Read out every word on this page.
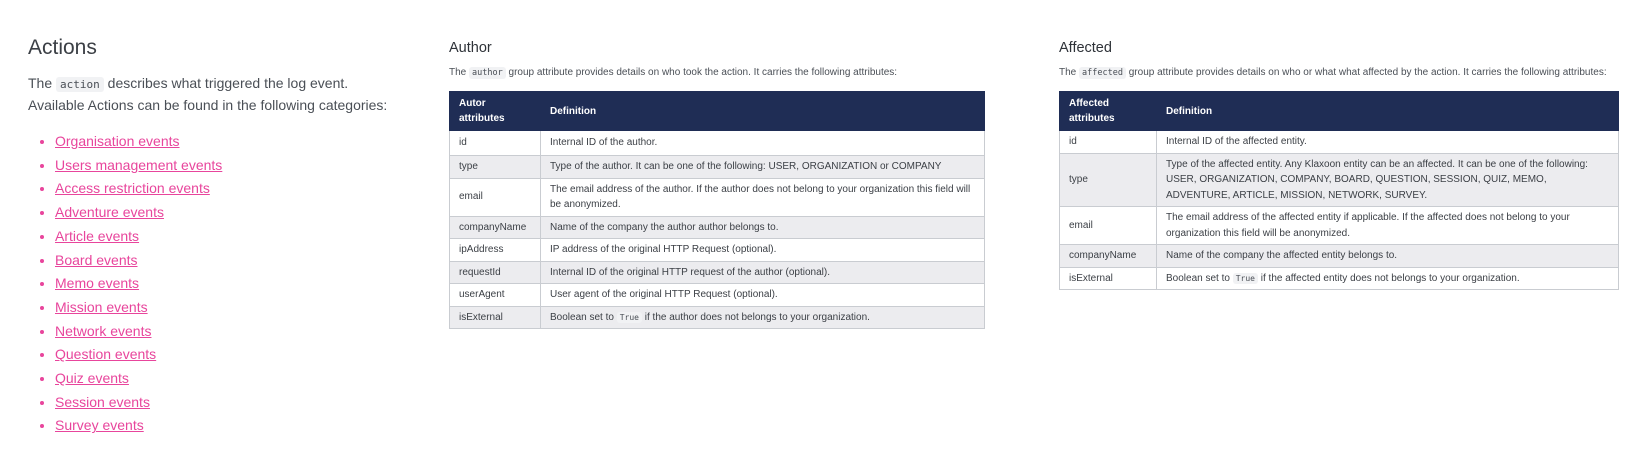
Actions

The action describes what triggered the log event.
Available Actions can be found in the following categories:

• Organisation events
• Users management events
• Access restriction events
• Adventure events
• Article events
• Board events
• Memo events
• Mission events
• Network events
• Question events
• Quiz events
• Session events
• Survey events
Author

The author group attribute provides details on who took the action. It carries the following attributes:

Autor attributes	Definition
id	Internal ID of the author.
type	Type of the author. It can be one of the following: USER, ORGANIZATION or COMPANY
email	The email address of the author. If the author does not belong to your organization this field will be anonymized.
companyName	Name of the company the author author belongs to.
ipAddress	IP address of the original HTTP Request (optional).
requestId	Internal ID of the original HTTP request of the author (optional).
userAgent	User agent of the original HTTP Request (optional).
isExternal	Boolean set to True if the author does not belongs to your organization.
Affected

The affected group attribute provides details on who or what what affected by the action. It carries the following attributes:

Affected attributes	Definition
id	Internal ID of the affected entity.
type	Type of the affected entity. Any Klaxoon entity can be an affected. It can be one of the following: USER, ORGANIZATION, COMPANY, BOARD, QUESTION, SESSION, QUIZ, MEMO, ADVENTURE, ARTICLE, MISSION, NETWORK, SURVEY.
email	The email address of the affected entity if applicable. If the affected does not belong to your organization this field will be anonymized.
companyName	Name of the company the affected entity belongs to.
isExternal	Boolean set to True if the affected entity does not belongs to your organization.
